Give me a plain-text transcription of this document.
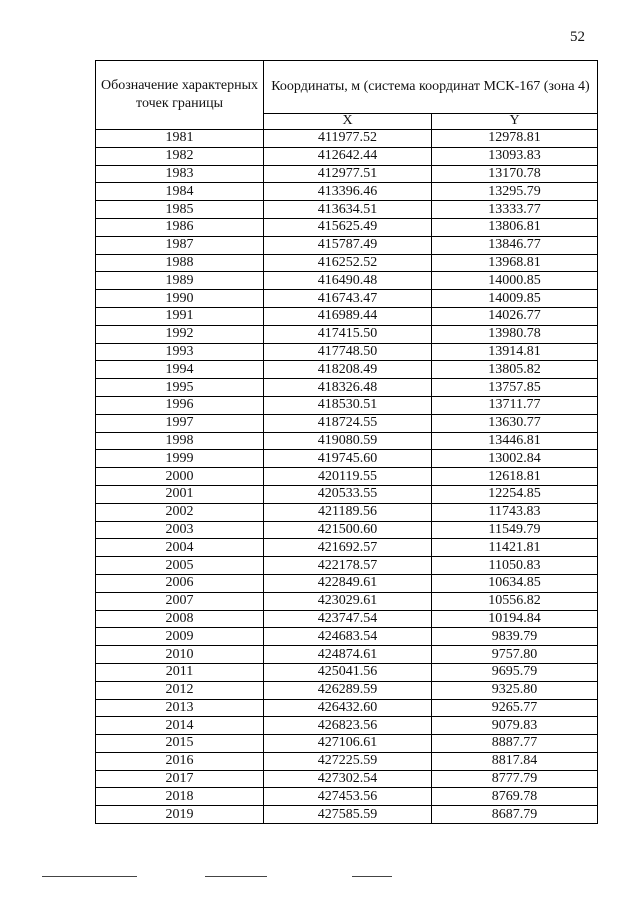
52
Обозначение характерных точек границы	Координаты, м (система координат МСК-167 (зона 4)	
	X	Y
1981	411977.52	12978.81
1982	412642.44	13093.83
1983	412977.51	13170.78
1984	413396.46	13295.79
1985	413634.51	13333.77
1986	415625.49	13806.81
1987	415787.49	13846.77
1988	416252.52	13968.81
1989	416490.48	14000.85
1990	416743.47	14009.85
1991	416989.44	14026.77
1992	417415.50	13980.78
1993	417748.50	13914.81
1994	418208.49	13805.82
1995	418326.48	13757.85
1996	418530.51	13711.77
1997	418724.55	13630.77
1998	419080.59	13446.81
1999	419745.60	13002.84
2000	420119.55	12618.81
2001	420533.55	12254.85
2002	421189.56	11743.83
2003	421500.60	11549.79
2004	421692.57	11421.81
2005	422178.57	11050.83
2006	422849.61	10634.85
2007	423029.61	10556.82
2008	423747.54	10194.84
2009	424683.54	9839.79
2010	424874.61	9757.80
2011	425041.56	9695.79
2012	426289.59	9325.80
2013	426432.60	9265.77
2014	426823.56	9079.83
2015	427106.61	8887.77
2016	427225.59	8817.84
2017	427302.54	8777.79
2018	427453.56	8769.78
2019	427585.59	8687.79
